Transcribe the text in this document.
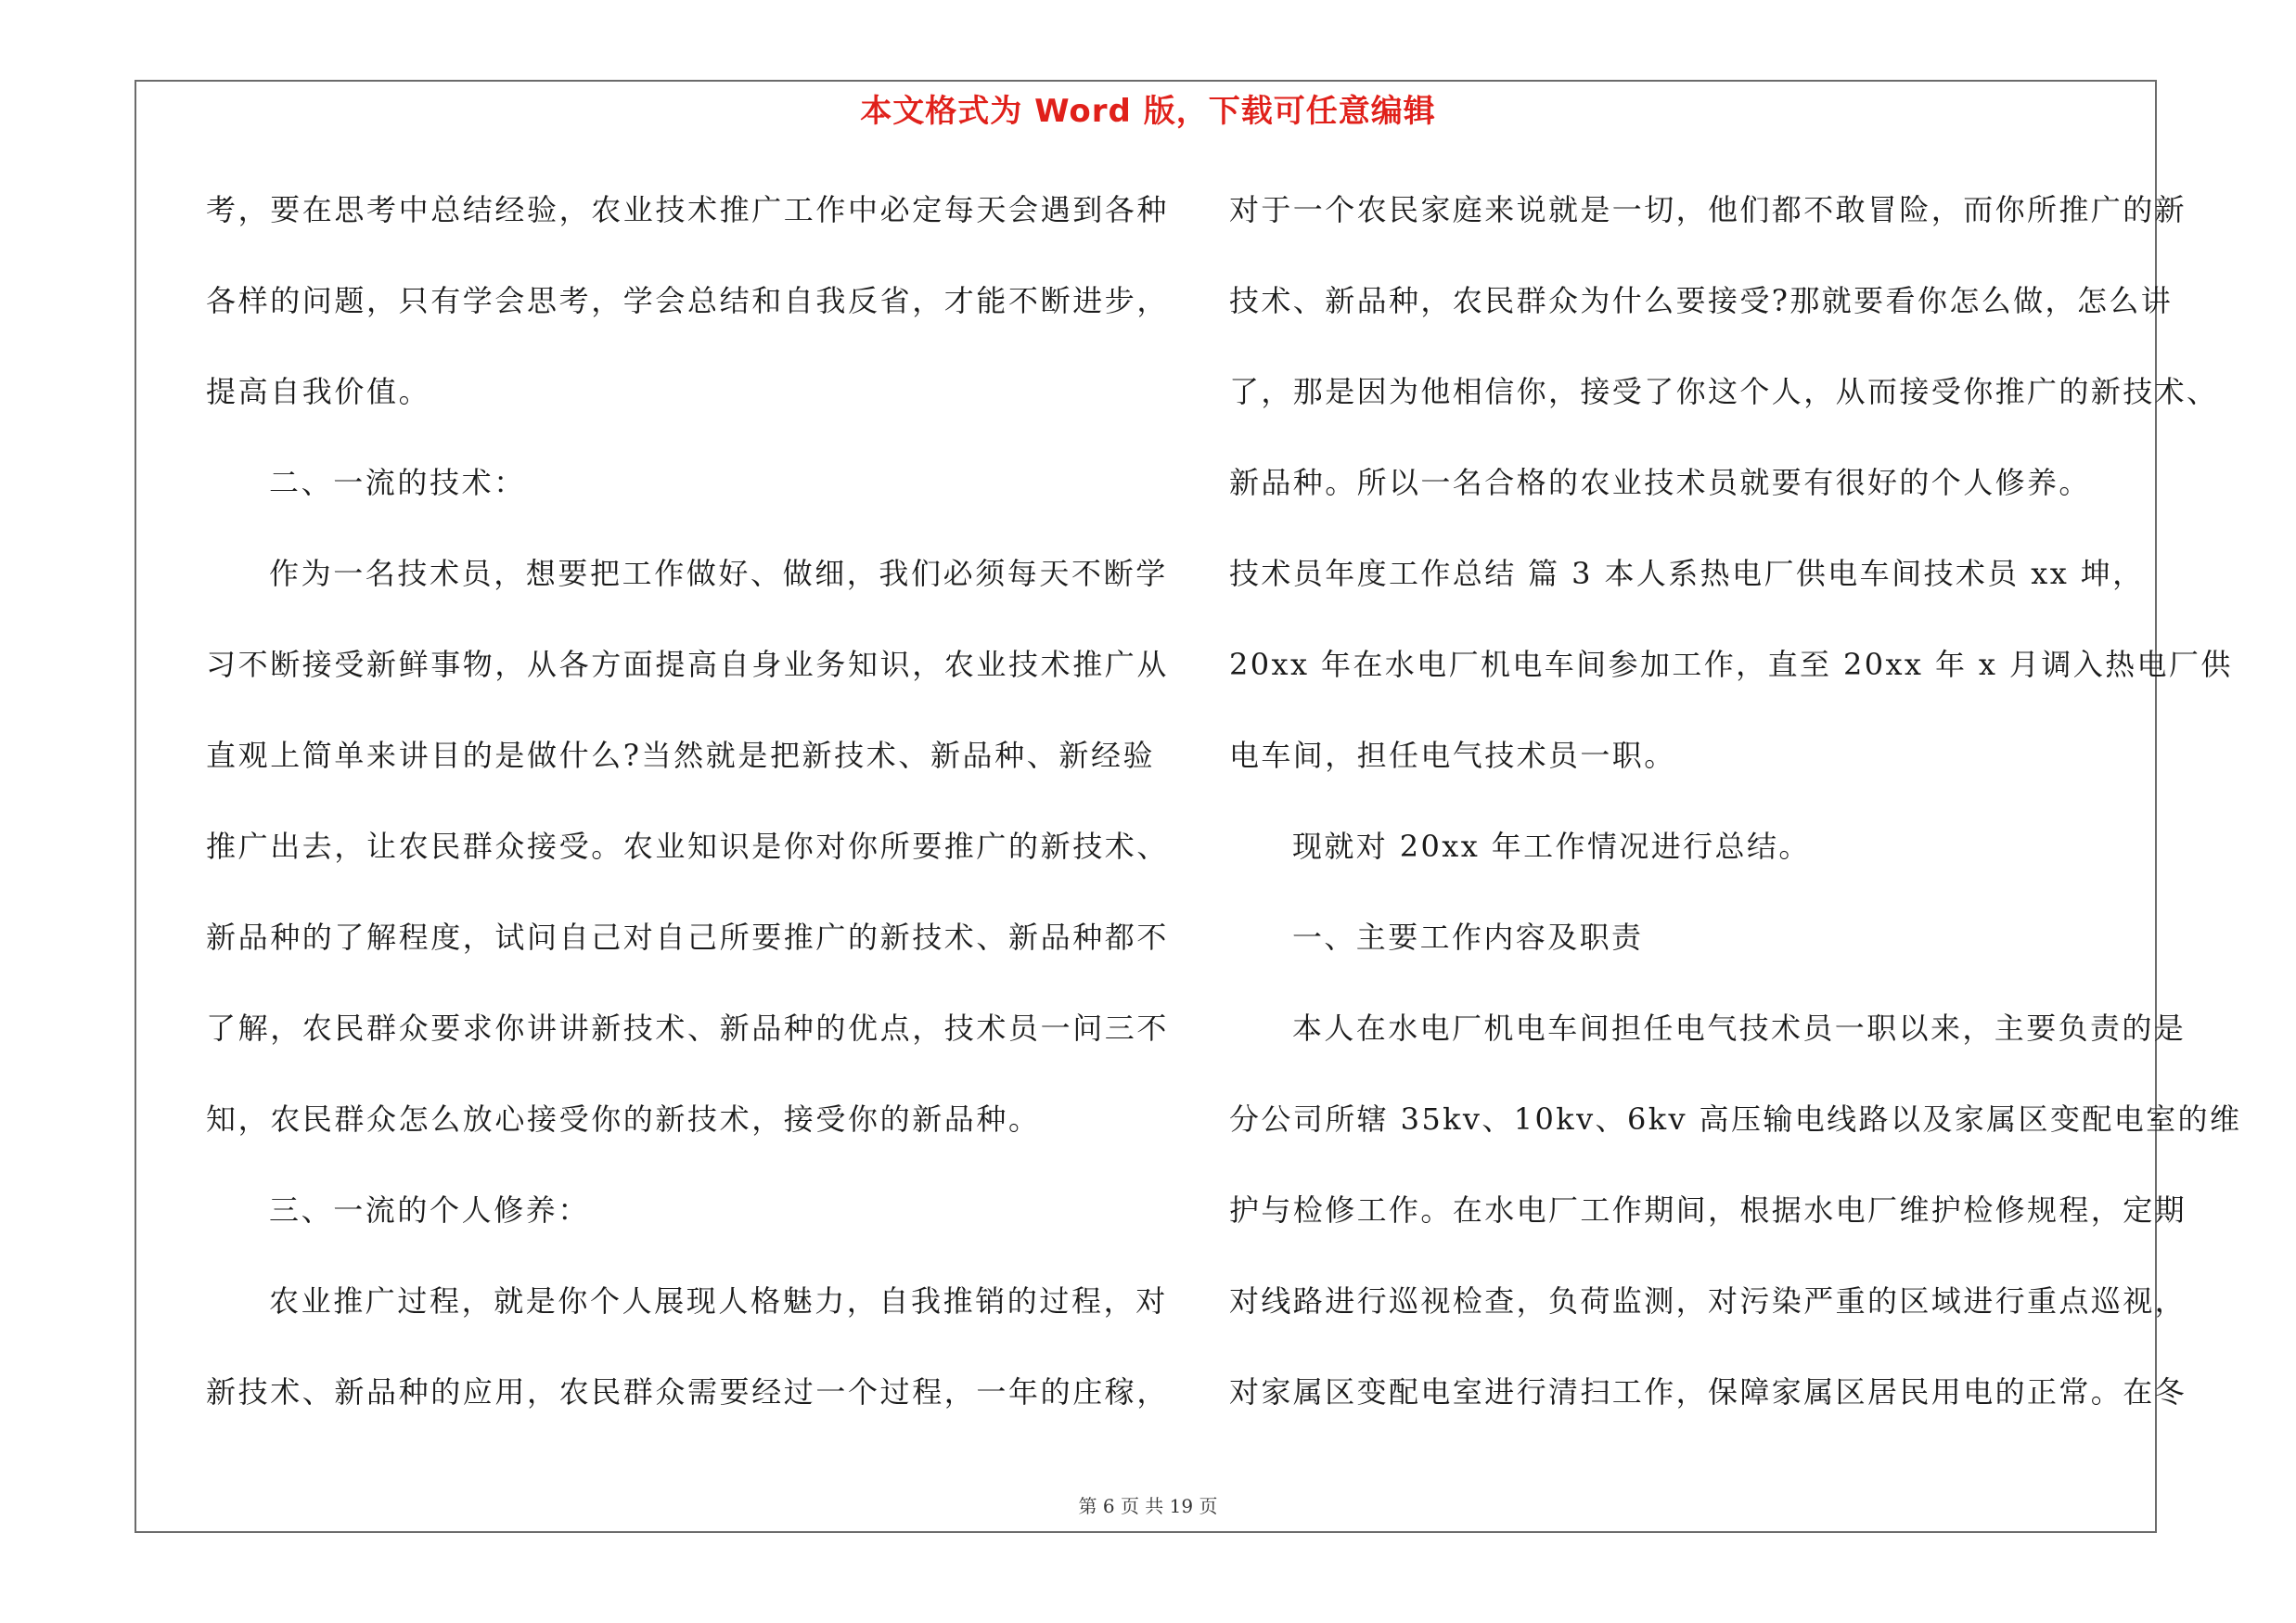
本文格式为 Word 版，下载可任意编辑
考，要在思考中总结经验，农业技术推广工作中必定每天会遇到各种
各样的问题，只有学会思考，学会总结和自我反省，才能不断进步，
提高自我价值。
二、一流的技术：
作为一名技术员，想要把工作做好、做细，我们必须每天不断学
习不断接受新鲜事物，从各方面提高自身业务知识，农业技术推广从
直观上简单来讲目的是做什么?当然就是把新技术、新品种、新经验
推广出去，让农民群众接受。农业知识是你对你所要推广的新技术、
新品种的了解程度，试问自己对自己所要推广的新技术、新品种都不
了解，农民群众要求你讲讲新技术、新品种的优点，技术员一问三不
知，农民群众怎么放心接受你的新技术，接受你的新品种。
三、一流的个人修养：
农业推广过程，就是你个人展现人格魅力，自我推销的过程，对
新技术、新品种的应用，农民群众需要经过一个过程，一年的庄稼，
对于一个农民家庭来说就是一切，他们都不敢冒险，而你所推广的新
技术、新品种，农民群众为什么要接受?那就要看你怎么做，怎么讲
了，那是因为他相信你，接受了你这个人，从而接受你推广的新技术、
新品种。所以一名合格的农业技术员就要有很好的个人修养。
技术员年度工作总结 篇 3 本人系热电厂供电车间技术员 xx 坤，
20xx 年在水电厂机电车间参加工作，直至 20xx 年 x 月调入热电厂供
电车间，担任电气技术员一职。
现就对 20xx 年工作情况进行总结。
一、主要工作内容及职责
本人在水电厂机电车间担任电气技术员一职以来，主要负责的是
分公司所辖 35kv、10kv、6kv 高压输电线路以及家属区变配电室的维
护与检修工作。在水电厂工作期间，根据水电厂维护检修规程，定期
对线路进行巡视检查，负荷监测，对污染严重的区域进行重点巡视，
对家属区变配电室进行清扫工作，保障家属区居民用电的正常。在冬
第 6 页 共 19 页
